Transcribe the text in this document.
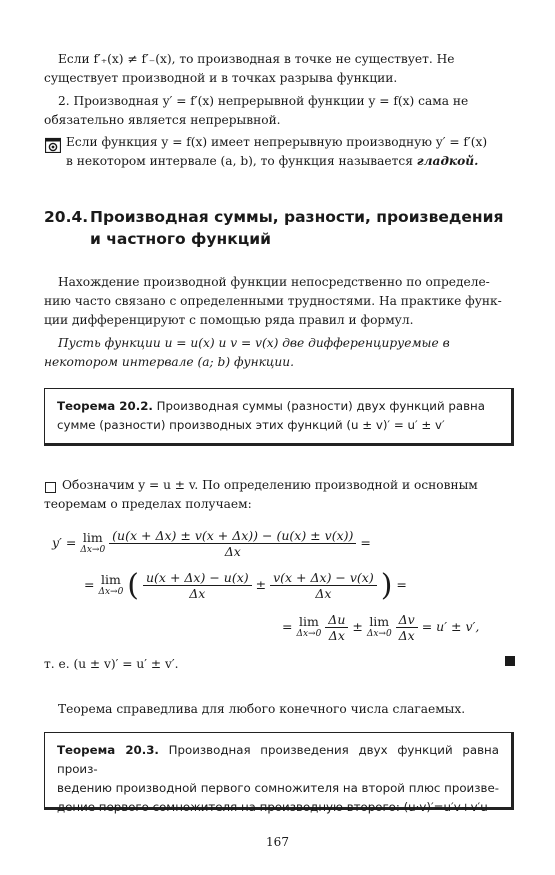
Если f′₊(x) ≠ f′₋(x), то производная в точке не существует. Не
существует производной и в точках разрыва функции.
2. Производная y′ = f′(x) непрерывной функции y = f(x) сама не
обязательно является непрерывной.
Если функция y = f(x) имеет непрерывную производную y′ = f′(x)
в некотором интервале (a, b), то функция называется гладкой.
20.4. Производная суммы, разности, произведения
и частного функций
Нахождение производной функции непосредственно по определе-
нию часто связано с определенными трудностями. На практике функ-
ции дифференцируют с помощью ряда правил и формул.
Пусть функции u = u(x) и v = v(x) две дифференцируемые в
некотором интервале (a; b) функции.
Теорема 20.2. Производная суммы (разности) двух функций равна
сумме (разности) производных этих функций (u ± v)′ = u′ ± v′
Обозначим y = u ± v. По определению производной и основным
теоремам о пределах получаем:
y′ = lim
Δx→0
$\frac{(u(x + \Delta x) \pm v(x + \Delta x)) - (u(x) \pm v(x))}{\Delta x}$ =
= lim
Δx→0 ( $\frac{u(x + \Delta x) - u(x)}{\Delta x} \pm \frac{v(x + \Delta x) - v(x)}{\Delta x}$ ) =
= lim
Δx→0
$\frac{\Delta u}{\Delta x} \pm \lim$
Δx→0
$\frac{\Delta v}{\Delta x} = u' \pm v'$,
т. е. (u ± v)′ = u′ ± v′.
Теорема справедлива для любого конечного числа слагаемых.
Теорема 20.3. Производная произведения двух функций равна произ-
ведению производной первого сомножителя на второй плюс произве-
дение первого сомножителя на производную второго: (u·v)′=u′v+v′u
167
